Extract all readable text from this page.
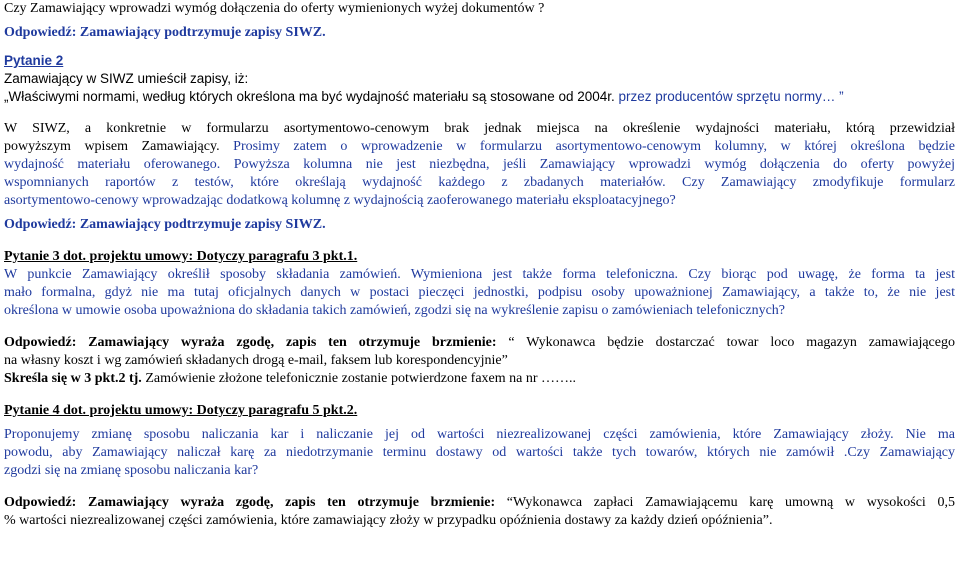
Czy Zamawiający wprowadzi wymóg dołączenia do oferty wymienionych wyżej dokumentów ?
Odpowiedź: Zamawiający podtrzymuje zapisy SIWZ.
Pytanie 2
Zamawiający w SIWZ umieścił zapisy, iż:
„Właściwymi normami, według których określona ma być wydajność materiału są stosowane od 2004r. przez producentów sprzętu normy… ”
W SIWZ, a konkretnie w formularzu asortymentowo-cenowym brak jednak miejsca na określenie wydajności materiału, którą przewidział
powyższym wpisem Zamawiający. Prosimy zatem o wprowadzenie w formularzu asortymentowo-cenowym kolumny, w której określona będzie
wydajność materiału oferowanego. Powyższa kolumna nie jest niezbędna, jeśli Zamawiający wprowadzi wymóg dołączenia do oferty powyżej
wspomnianych raportów z testów, które określają wydajność każdego z zbadanych materiałów. Czy Zamawiający zmodyfikuje formularz
asortymentowo-cenowy wprowadzając dodatkową kolumnę z wydajnością zaoferowanego materiału eksploatacyjnego?
Odpowiedź: Zamawiający podtrzymuje zapisy SIWZ.
Pytanie 3 dot. projektu umowy: Dotyczy paragrafu 3 pkt.1.
W punkcie Zamawiający określił sposoby składania zamówień. Wymieniona jest także forma telefoniczna. Czy biorąc pod uwagę, że forma ta jest
mało formalna, gdyż nie ma tutaj oficjalnych danych w postaci pieczęci jednostki, podpisu osoby upoważnionej Zamawiający, a także to, że nie jest
określona w umowie osoba upoważniona do składania takich zamówień, zgodzi się na wykreślenie zapisu o zamówieniach telefonicznych?
Odpowiedź: Zamawiający wyraża zgodę, zapis ten otrzymuje brzmienie: “ Wykonawca będzie dostarczać towar loco magazyn zamawiającego
na własny koszt i wg zamówień składanych drogą e-mail, faksem lub korespondencyjnie”
Skreśla się w 3 pkt.2 tj. Zamówienie złożone telefonicznie zostanie potwierdzone faxem na nr ……..
Pytanie 4 dot. projektu umowy: Dotyczy paragrafu 5 pkt.2.
Proponujemy zmianę sposobu naliczania kar i naliczanie jej od wartości niezrealizowanej części zamówienia, które Zamawiający złoży. Nie ma
powodu, aby Zamawiający naliczał karę za niedotrzymanie terminu dostawy od wartości także tych towarów, których nie zamówił .Czy Zamawiający
zgodzi się na zmianę sposobu naliczania kar?
Odpowiedź: Zamawiający wyraża zgodę, zapis ten otrzymuje brzmienie: “Wykonawca zapłaci Zamawiającemu karę umowną w wysokości 0,5
% wartości niezrealizowanej części zamówienia, które zamawiający złoży w przypadku opóźnienia dostawy za każdy dzień opóźnienia”.
